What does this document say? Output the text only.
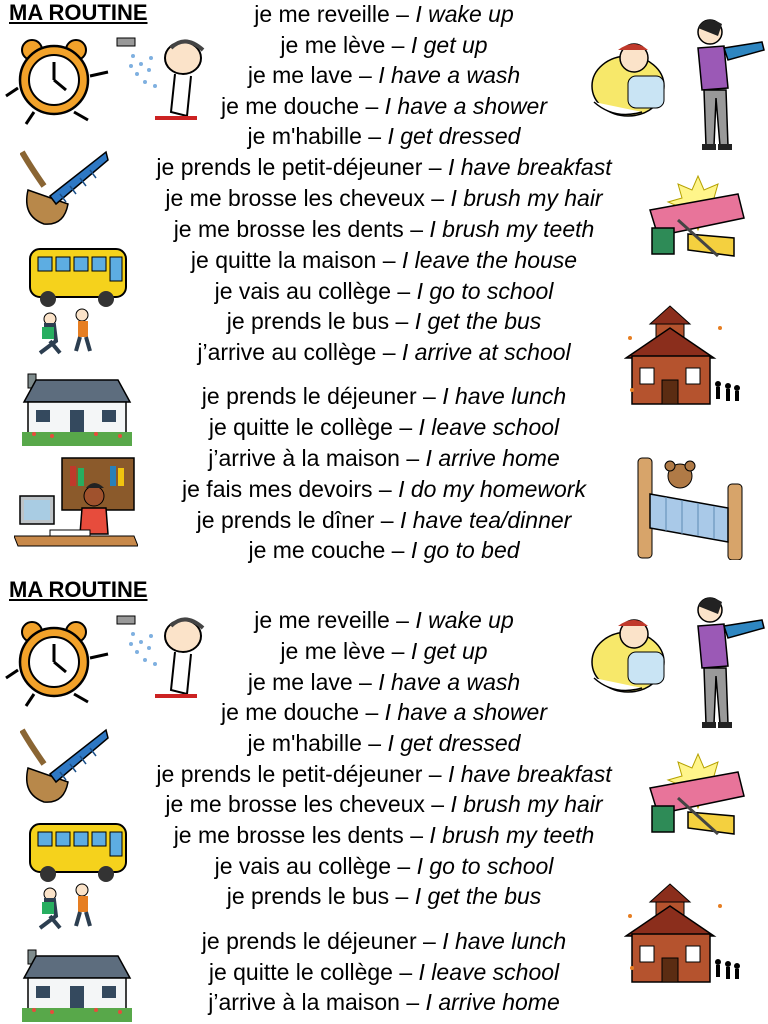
MA ROUTINE	je me reveille – I wake up
je me lève – I get up
je me lave – I have a wash
je me douche – I have a shower
je m'habille – I get dressed
je prends le petit-déjeuner – I have breakfast
je me brosse les cheveux – I brush my hair
je me brosse les dents – I brush my teeth
je quitte la maison – I leave the house
je vais au collège – I go to school
je prends le bus – I get the bus
j’arrive au collège – I arrive at school
je prends le déjeuner – I have lunch
je quitte le collège – I leave school
j’arrive à la maison – I arrive home
je fais mes devoirs – I do my homework
je prends le dîner – I have tea/dinner
je me couche – I go to bed
MA ROUTINE
je me reveille – I wake up
je me lève – I get up
je me lave – I have a wash
je me douche – I have a shower
je m'habille – I get dressed
je prends le petit-déjeuner – I have breakfast
je me brosse les cheveux – I brush my hair
je me brosse les dents – I brush my teeth
je vais au collège – I go to school
je prends le bus – I get the bus
je prends le déjeuner – I have lunch
je quitte le collège – I leave school
j’arrive à la maison – I arrive home
